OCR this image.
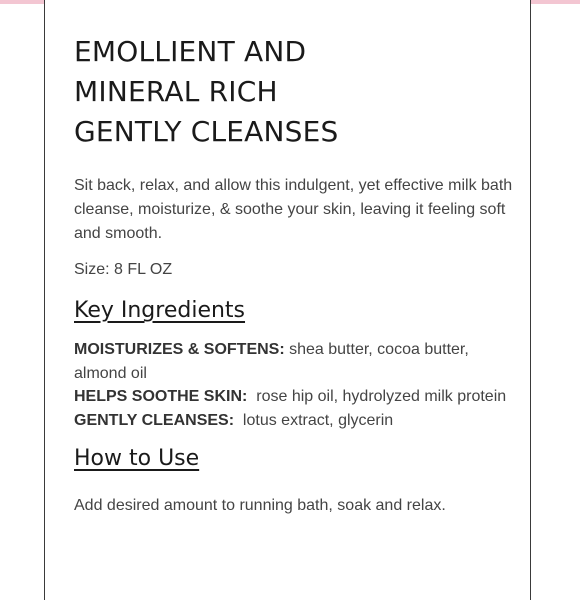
EMOLLIENT AND
MINERAL RICH
GENTLY CLEANSES

Sit back, relax, and allow this indulgent, yet effective milk bath cleanse, moisturize, & soothe your skin, leaving it feeling soft and smooth.

Size: 8 FL OZ

Key Ingredients
MOISTURIZES & SOFTENS: shea butter, cocoa butter, almond oil
HELPS SOOTHE SKIN:  rose hip oil, hydrolyzed milk protein
GENTLY CLEANSES:  lotus extract, glycerin
How to Use

Add desired amount to running bath, soak and relax.
